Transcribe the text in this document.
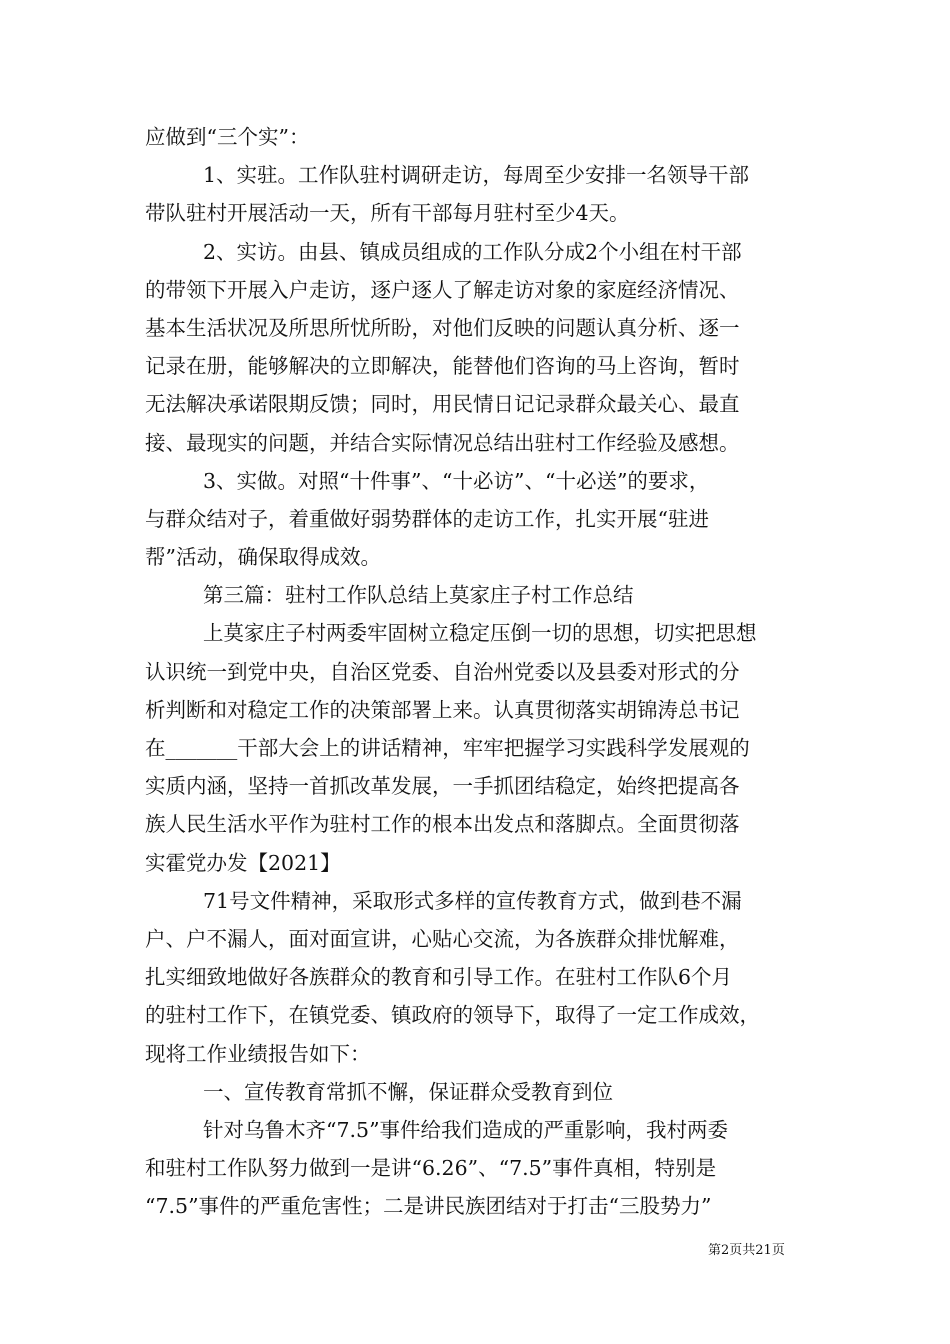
应做到“三个实”：
1、实驻。工作队驻村调研走访，每周至少安排一名领导干部
带队驻村开展活动一天，所有干部每月驻村至少4天。
2、实访。由县、镇成员组成的工作队分成2个小组在村干部
的带领下开展入户走访，逐户逐人了解走访对象的家庭经济情况、
基本生活状况及所思所忧所盼，对他们反映的问题认真分析、逐一
记录在册，能够解决的立即解决，能替他们咨询的马上咨询，暂时
无法解决承诺限期反馈；同时，用民情日记记录群众最关心、最直
接、最现实的问题，并结合实际情况总结出驻村工作经验及感想。
3、实做。对照“十件事”、“十必访”、“十必送”的要求，
与群众结对子，着重做好弱势群体的走访工作，扎实开展“驻进
帮”活动，确保取得成效。
第三篇：驻村工作队总结上莫家庄子村工作总结
上莫家庄子村两委牢固树立稳定压倒一切的思想，切实把思想
认识统一到党中央，自治区党委、自治州党委以及县委对形式的分
析判断和对稳定工作的决策部署上来。认真贯彻落实胡锦涛总书记
在_______干部大会上的讲话精神，牢牢把握学习实践科学发展观的
实质内涵，坚持一首抓改革发展，一手抓团结稳定，始终把提高各
族人民生活水平作为驻村工作的根本出发点和落脚点。全面贯彻落
实霍党办发【2021】
71号文件精神，采取形式多样的宣传教育方式，做到巷不漏
户、户不漏人，面对面宣讲，心贴心交流，为各族群众排忧解难，
扎实细致地做好各族群众的教育和引导工作。在驻村工作队6个月
的驻村工作下，在镇党委、镇政府的领导下，取得了一定工作成效，
现将工作业绩报告如下：
一、宣传教育常抓不懈，保证群众受教育到位
针对乌鲁木齐“7.5”事件给我们造成的严重影响，我村两委
和驻村工作队努力做到一是讲“6.26”、“7.5”事件真相，特别是
“7.5”事件的严重危害性；二是讲民族团结对于打击“三股势力”
第2页共21页
